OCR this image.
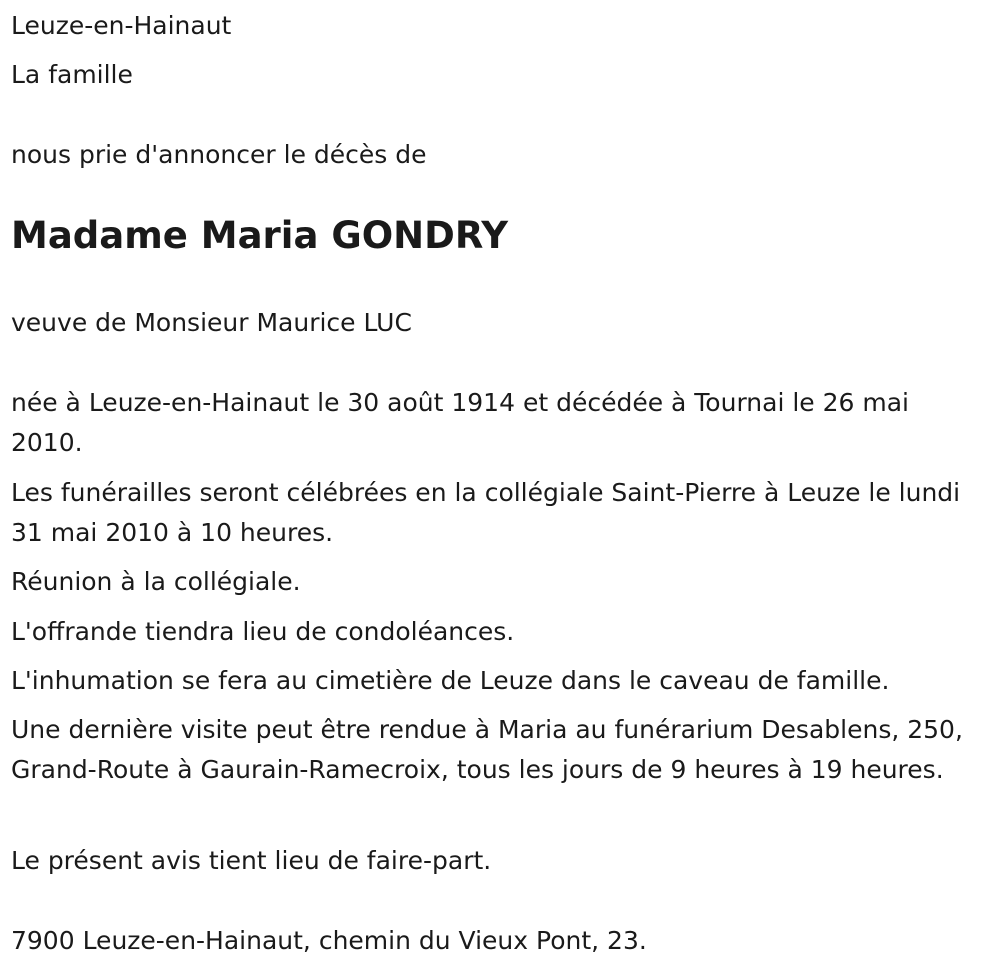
Leuze-en-Hainaut

La famille

nous prie d'annoncer le décès de

Madame Maria GONDRY

veuve de Monsieur Maurice LUC

née à Leuze-en-Hainaut le 30 août 1914 et décédée à Tournai le 26 mai 2010.

Les funérailles seront célébrées en la collégiale Saint-Pierre à Leuze le lundi 31 mai 2010 à 10 heures.

Réunion à la collégiale.

L'offrande tiendra lieu de condoléances.

L'inhumation se fera au cimetière de Leuze dans le caveau de famille.

Une dernière visite peut être rendue à Maria au funérarium Desablens, 250, Grand-Route à Gaurain-Ramecroix, tous les jours de 9 heures à 19 heures.

Le présent avis tient lieu de faire-part.

7900 Leuze-en-Hainaut, chemin du Vieux Pont, 23.
